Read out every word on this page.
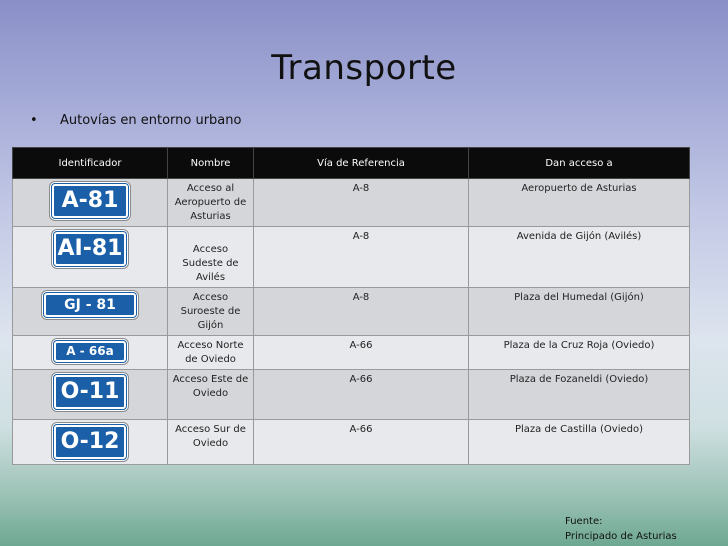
Transporte
• Autovías en entorno urbano
Identificador	Nombre	Vía de Referencia	Dan acceso a

A-81	Acceso al Aeropuerto de Asturias	A-8	Aeropuerto de Asturias

AI-81	Acceso Sudeste de Avilés	A-8	Avenida de Gijón (Avilés)

GJ - 81	Acceso Suroeste de Gijón	A-8	Plaza del Humedal (Gijón)

A - 66a	Acceso Norte de Oviedo	A-66	Plaza de la Cruz Roja (Oviedo)

O-11	Acceso Este de Oviedo	A-66	Plaza de Fozaneldi (Oviedo)

O-12	Acceso Sur de Oviedo	A-66	Plaza de Castilla (Oviedo)
Fuente:
Principado de Asturias
